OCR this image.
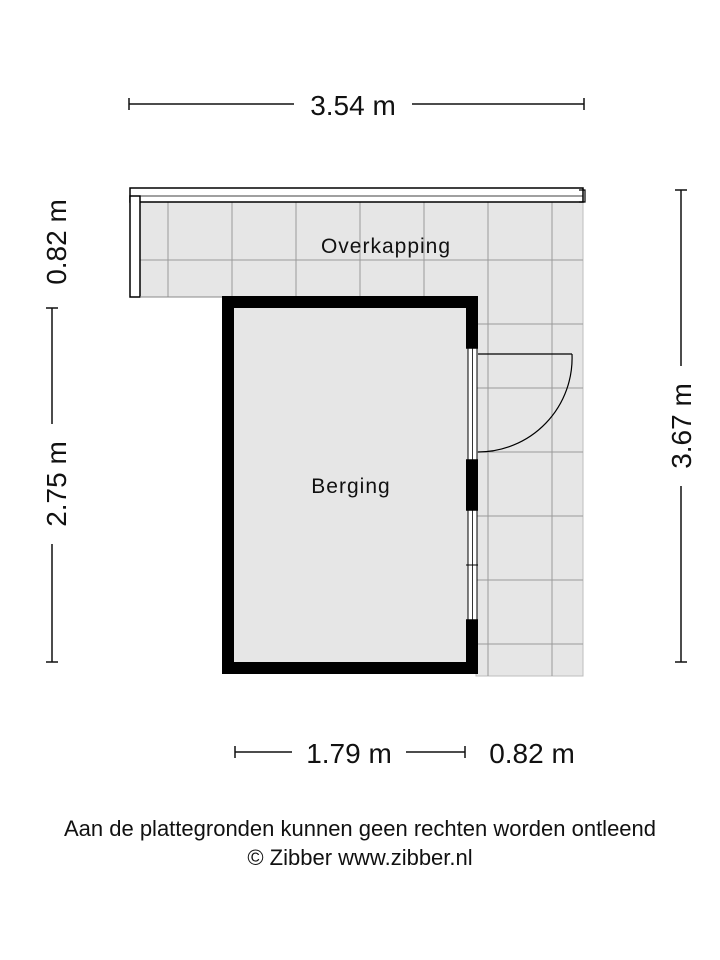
Overkapping
Berging
3.54 m
0.82 m
2.75 m
3.67 m
1.79 m	0.82 m
Aan de plattegronden kunnen geen rechten worden ontleend
© Zibber www.zibber.nl
